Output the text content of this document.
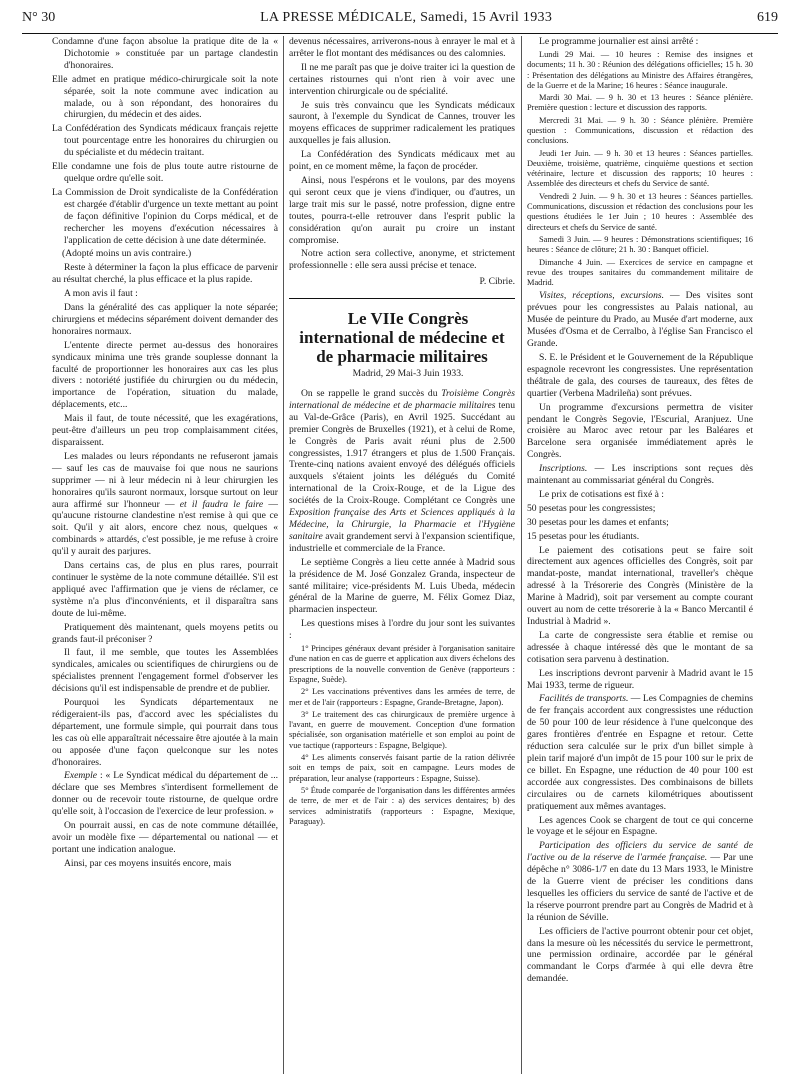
N° 30	LA PRESSE MÉDICALE, Samedi, 15 Avril 1933	619

Condamne d'une façon absolue la pratique dite de la « Dichotomie » constituée par un partage clandestin d'honoraires.

Elle admet en pratique médico-chirurgicale soit la note séparée, soit la note commune avec indication au malade, ou à son répondant, des honoraires du chirurgien, du médecin et des aides.

La Confédération des Syndicats médicaux français rejette tout pourcentage entre les honoraires du chirurgien ou du spécialiste et du médecin traitant.

Elle condamne une fois de plus toute autre ristourne de quelque ordre qu'elle soit.

La Commission de Droit syndicaliste de la Confédération est chargée d'établir d'urgence un texte mettant au point de façon définitive l'opinion du Corps médical, et de rechercher les moyens d'exécution nécessaires à l'application de cette décision à une date déterminée.

(Adopté moins un avis contraire.)

Reste à déterminer la façon la plus efficace de parvenir au résultat cherché, la plus efficace et la plus rapide.

A mon avis il faut :

Dans la généralité des cas appliquer la note séparée; chirurgiens et médecins séparément doivent demander des honoraires normaux.

L'entente directe permet au-dessus des honoraires syndicaux minima une très grande souplesse donnant la faculté de proportionner les honoraires aux cas les plus divers : notoriété justifiée du chirurgien ou du médecin, importance de l'opération, situation du malade, déplacements, etc...

Mais il faut, de toute nécessité, que les exagérations, peut-être d'ailleurs un peu trop complaisamment citées, disparaissent.

Les malades ou leurs répondants ne refuseront jamais — sauf les cas de mauvaise foi que nous ne saurions supprimer — ni à leur médecin ni à leur chirurgien les honoraires qu'ils sauront normaux, lorsque surtout on leur aura affirmé sur l'honneur — et il faudra le faire — qu'aucune ristourne clandestine n'est remise à qui que ce soit. Qu'il y ait alors, encore chez nous, quelques « combinards » attardés, c'est possible, je me refuse à croire qu'il y aurait des parjures.

Dans certains cas, de plus en plus rares, pourrait continuer le système de la note commune détaillée. S'il est appliqué avec l'affirmation que je viens de réclamer, ce système n'a plus d'inconvénients, et il disparaîtra sans doute de lui-même.

Pratiquement dès maintenant, quels moyens petits ou grands faut-il préconiser ?

Il faut, il me semble, que toutes les Assemblées syndicales, amicales ou scientifiques de chirurgiens ou de spécialistes prennent l'engagement formel d'observer les décisions qu'il est indispensable de prendre et de publier.

Pourquoi les Syndicats départementaux ne rédigeraient-ils pas, d'accord avec les spécialistes du département, une formule simple, qui pourrait dans tous les cas où elle apparaîtrait nécessaire être ajoutée à la main ou apposée d'une façon quelconque sur les notes d'honoraires.

Exemple : « Le Syndicat médical du département de ... déclare que ses Membres s'interdisent formellement de donner ou de recevoir toute ristourne, de quelque ordre qu'elle soit, à l'occasion de l'exercice de leur profession. »

On pourrait aussi, en cas de note commune détaillée, avoir un modèle fixe — départemental ou national — et portant une indication analogue.

Ainsi, par ces moyens insuités encore, mais

devenus nécessaires, arriverons-nous à enrayer le mal et à arrêter le flot montant des médisances ou des calomnies.

Il ne me paraît pas que je doive traiter ici la question de certaines ristournes qui n'ont rien à voir avec une intervention chirurgicale ou de spécialité.

Je suis très convaincu que les Syndicats médicaux sauront, à l'exemple du Syndicat de Cannes, trouver les moyens efficaces de supprimer radicalement les pratiques auxquelles je fais allusion.

La Confédération des Syndicats médicaux met au point, en ce moment même, la façon de procéder.

Ainsi, nous l'espérons et le voulons, par des moyens qui seront ceux que je viens d'indiquer, ou d'autres, un large trait mis sur le passé, notre profession, digne entre toutes, pourra-t-elle retrouver dans l'esprit public la considération qu'on aurait pu croire un instant compromise.

Notre action sera collective, anonyme, et strictement professionnelle : elle sera aussi précise et tenace.

P. Cibrie.

Le VIIe Congrès international de médecine et de pharmacie militaires

Madrid, 29 Mai-3 Juin 1933.

On se rappelle le grand succès du Troisième Congrès international de médecine et de pharmacie militaires tenu au Val-de-Grâce (Paris), en Avril 1925. Succédant au premier Congrès de Bruxelles (1921), et à celui de Rome, le Congrès de Paris avait réuni plus de 2.500 congressistes, 1.917 étrangers et plus de 1.500 Français. Trente-cinq nations avaient envoyé des délégués officiels auxquels s'étaient joints les délégués du Comité international de la Croix-Rouge, et de la Ligue des sociétés de la Croix-Rouge. Complétant ce Congrès une Exposition française des Arts et Sciences appliqués à la Médecine, la Chirurgie, la Pharmacie et l'Hygiène sanitaire avait grandement servi à l'expansion scientifique, industrielle et commerciale de la France.

Le septième Congrès a lieu cette année à Madrid sous la présidence de M. José Gonzalez Granda, inspecteur de santé militaire; vice-présidents M. Luis Ubeda, médecin général de la Marine de guerre, M. Félix Gomez Diaz, pharmacien inspecteur.

Les questions mises à l'ordre du jour sont les suivantes :

1° Principes généraux devant présider à l'organisation sanitaire d'une nation en cas de guerre et application aux divers échelons des prescriptions de la nouvelle convention de Genève (rapporteurs : Espagne, Suède).

2° Les vaccinations préventives dans les armées de terre, de mer et de l'air (rapporteurs : Espagne, Grande-Bretagne, Japon).

3° Le traitement des cas chirurgicaux de première urgence à l'avant, en guerre de mouvement. Conception d'une formation spécialisée, son organisation matérielle et son emploi au point de vue tactique (rapporteurs : Espagne, Belgique).

4° Les aliments conservés faisant partie de la ration délivrée soit en temps de paix, soit en campagne. Leurs modes de préparation, leur analyse (rapporteurs : Espagne, Suisse).

5° Étude comparée de l'organisation dans les différentes armées de terre, de mer et de l'air : a) des services dentaires; b) des services administratifs (rapporteurs : Espagne, Mexique, Paraguay).

Le programme journalier est ainsi arrêté :

Lundi 29 Mai. — 10 heures : Remise des insignes et documents; 11 h. 30 : Réunion des délégations officielles; 15 h. 30 : Présentation des délégations au Ministre des Affaires étrangères, de la Guerre et de la Marine; 16 heures : Séance inaugurale.

Mardi 30 Mai. — 9 h. 30 et 13 heures : Séance plénière. Première question : lecture et discussion des rapports.

Mercredi 31 Mai. — 9 h. 30 : Séance plénière. Première question : Communications, discussion et rédaction des conclusions.

Jeudi 1er Juin. — 9 h. 30 et 13 heures : Séances partielles. Deuxième, troisième, quatrième, cinquième questions et section vétérinaire, lecture et discussion des rapports; 10 heures : Assemblée des directeurs et chefs du Service de santé.

Vendredi 2 Juin. — 9 h. 30 et 13 heures : Séances partielles. Communications, discussion et rédaction des conclusions pour les questions étudiées le 1er Juin ; 10 heures : Assemblée des directeurs et chefs du Service de santé.

Samedi 3 Juin. — 9 heures : Démonstrations scientifiques; 16 heures : Séance de clôture; 21 h. 30 : Banquet officiel.

Dimanche 4 Juin. — Exercices de service en campagne et revue des troupes sanitaires du commandement militaire de Madrid.

Visites, réceptions, excursions. — Des visites sont prévues pour les congressistes au Palais national, au Musée de peinture du Prado, au Musée d'art moderne, aux Musées d'Osma et de Cerralbo, à l'église San Francisco el Grande.

S. E. le Président et le Gouvernement de la République espagnole recevront les congressistes. Une représentation théâtrale de gala, des courses de taureaux, des fêtes de quartier (Verbena Madrileña) sont prévues.

Un programme d'excursions permettra de visiter pendant le Congrès Segovie, l'Escurial, Aranjuez. Une croisière au Maroc avec retour par les Baléares et Barcelone sera organisée immédiatement après le Congrès.

Inscriptions. — Les inscriptions sont reçues dès maintenant au commissariat général du Congrès.

Le prix de cotisations est fixé à :

50 pesetas pour les congressistes;

30 pesetas pour les dames et enfants;

15 pesetas pour les étudiants.

Le paiement des cotisations peut se faire soit directement aux agences officielles des Congrès, soit par mandat-poste, mandat international, traveller's chèque adressé à la Trésorerie des Congrès (Ministère de la Marine à Madrid), soit par versement au compte courant ouvert au nom de cette trésorerie à la « Banco Mercantil é Industrial à Madrid ».

La carte de congressiste sera établie et remise ou adressée à chaque intéressé dès que le montant de sa cotisation sera parvenu à destination.

Les inscriptions devront parvenir à Madrid avant le 15 Mai 1933, terme de rigueur.

Facilités de transports. — Les Compagnies de chemins de fer français accordent aux congressistes une réduction de 50 pour 100 de leur résidence à l'une quelconque des gares frontières d'entrée en Espagne et retour. Cette réduction sera calculée sur le prix d'un billet simple à plein tarif majoré d'un impôt de 15 pour 100 sur le prix de ce billet. En Espagne, une réduction de 40 pour 100 est accordée aux congressistes. Des combinaisons de billets circulaires ou de carnets kilométriques aboutissent pratiquement aux mêmes avantages.

Les agences Cook se chargent de tout ce qui concerne le voyage et le séjour en Espagne.

Participation des officiers du service de santé de l'active ou de la réserve de l'armée française. — Par une dépêche n° 3086-1/7 en date du 13 Mars 1933, le Ministre de la Guerre vient de préciser les conditions dans lesquelles les officiers du service de santé de l'active et de la réserve pourront prendre part au Congrès de Madrid et à la réunion de Séville.

Les officiers de l'active pourront obtenir pour cet objet, dans la mesure où les nécessités du service le permettront, une permission ordinaire, accordée par le général commandant le Corps d'armée à qui elle devra être demandée.
